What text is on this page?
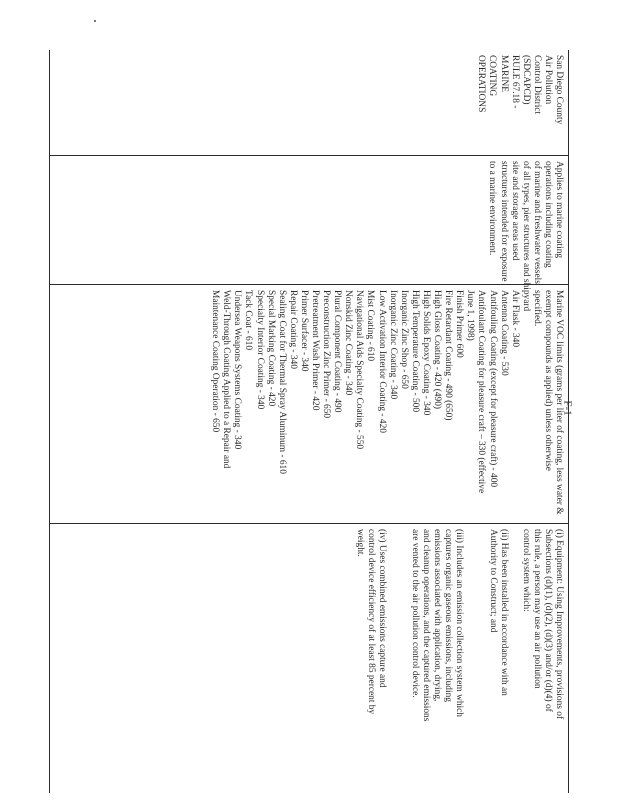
San Diego County
Air Pollution
Control District
(SDCAPCD)
RULE 67.18 -
MARINE
COATING
OPERATIONS

Applies to marine coating
operations including coating
of marine and freshwater vessels
of all types, pier structures and shipyard
site and storage areas used
structures intended for exposure
to a marine environment.

Marine VOC limits (grams per liter of coating, less water &
exempt compounds as applied) unless otherwise
specified.
Air Flask - 340
Antenna Coating - 530
Antifouling Coating (except for pleasure craft) - 400
Antifoulant Coating for pleasure craft – 330 (effective
June 1, 1998)
Finish Primer 600
Fire Retardant Coating - 490 (650)
High Gloss Coating - 420 (490)
High Solids Epoxy Coating - 340
High Temperature Coating - 500
Inorganic Zinc Shop - 650
Inorganic Zinc Coating - 340
Low Activation Interior Coating - 420
Mist Coating - 610
Navigational Aids Specialty Coating - 550
Nonskid Zinc Coating - 340
Plural Component Coating - 490
Preconstruction Zinc Primer - 650
Pretreatment Wash Primer - 420
Primer Surfacer - 340
Repair Coating - 340
Sealing Coat for Thermal Spray Aluminum - 610
Special Marking Coating - 420
Specialty Interior Coating - 340
Tack Coat - 610
Undersea Weapons Systems Coating - 340
Weld-Through Coating Applied to a Repair and
Maintenance Coating Operation - 650

(i) Equipment: Using Improvements, provisions of
Subsections (d)(1), (d)(2), (d)(3) and/or (d)(4) of
this rule, a person may use an air pollution
control system which:
(ii) Has been installed in accordance with an
Authority to Construct; and
(iii) Includes an emission collection system which
captures organic gaseous emissions, including
emissions associated with application, drying,
and cleanup operations, and the captured emissions
are vented to the air pollution control device.
(iv) Uses combined emissions capture and
control device efficiency of at least 85 percent by
weight.
F-1
